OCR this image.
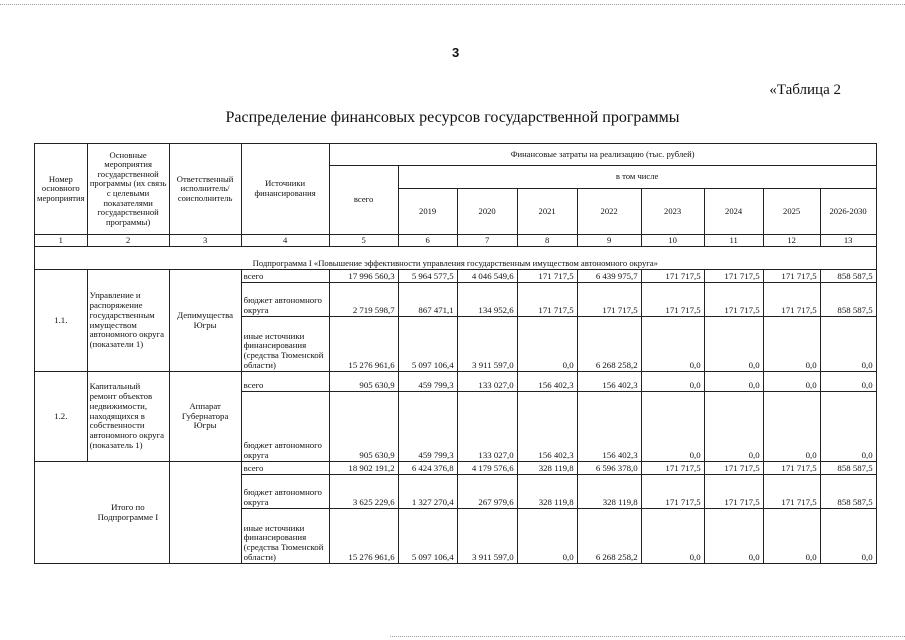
3
«Таблица 2
Распределение финансовых ресурсов государственной программы
Номер основного мероприятия	Основные мероприятия государственной программы (их связь с целевыми показателями государственной программы)	Ответственный исполнитель/ соисполнитель	Источники финансирования	Финансовые затраты на реализацию (тыс. рублей)								
				всего	в том числе							
					2019	2020	2021	2022	2023	2024	2025	2026-2030
1	2	3	4	5	6	7	8	9	10	11	12	13
Подпрограмма I «Повышение эффективности управления государственным имуществом автономного округа»												
1.1.	Управление и распоряжение государственным имуществом автономного округа (показатели 1)	Депимущества Югры	всего	17 996 560,3	5 964 577,5	4 046 549,6	171 717,5	6 439 975,7	171 717,5	171 717,5	171 717,5	858 587,5
			бюджет автономного округа	2 719 598,7	867 471,1	134 952,6	171 717,5	171 717,5	171 717,5	171 717,5	171 717,5	858 587,5
			иные источники финансирования (средства Тюменской области)	15 276 961,6	5 097 106,4	3 911 597,0	0,0	6 268 258,2	0,0	0,0	0,0	0,0
1.2.	Капитальный ремонт объектов недвижимости, находящихся в собственности автономного округа (показатель 1)	Аппарат Губернатора Югры	всего	905 630,9	459 799,3	133 027,0	156 402,3	156 402,3	0,0	0,0	0,0	0,0
			бюджет автономного округа	905 630,9	459 799,3	133 027,0	156 402,3	156 402,3	0,0	0,0	0,0	0,0
	Итого по Подпрограмме I		всего	18 902 191,2	6 424 376,8	4 179 576,6	328 119,8	6 596 378,0	171 717,5	171 717,5	171 717,5	858 587,5
			бюджет автономного округа	3 625 229,6	1 327 270,4	267 979,6	328 119,8	328 119,8	171 717,5	171 717,5	171 717,5	858 587,5
			иные источники финансирования (средства Тюменской области)	15 276 961,6	5 097 106,4	3 911 597,0	0,0	6 268 258,2	0,0	0,0	0,0	0,0
